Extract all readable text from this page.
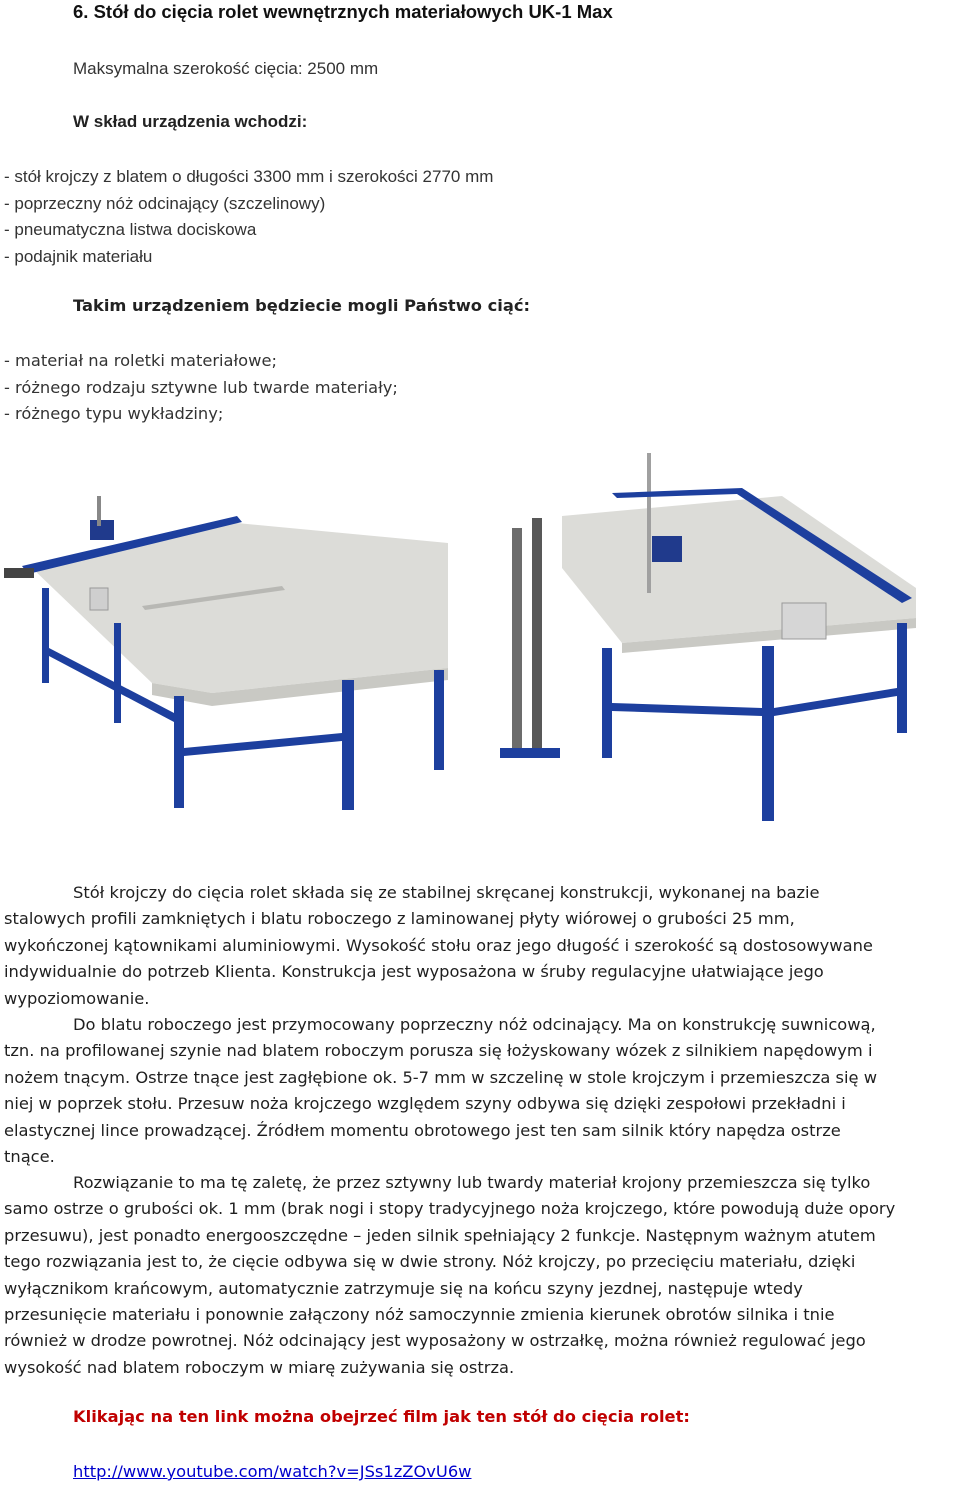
6. Stół do cięcia rolet wewnętrznych materiałowych UK-1 Max
Maksymalna szerokość cięcia: 2500 mm
W skład urządzenia wchodzi:
- stół krojczy z blatem o długości 3300 mm i szerokości 2770 mm
- poprzeczny nóż odcinający (szczelinowy)
- pneumatyczna listwa dociskowa
- podajnik materiału
Takim urządzeniem będziecie mogli Państwo ciąć:
- materiał na roletki materiałowe;
- różnego rodzaju sztywne lub twarde materiały;
- różnego typu wykładziny;
Stół krojczy do cięcia rolet składa się ze stabilnej skręcanej konstrukcji, wykonanej na bazie
stalowych profili zamkniętych i blatu roboczego z laminowanej płyty wiórowej o grubości 25 mm,
wykończonej kątownikami aluminiowymi. Wysokość stołu oraz jego długość i szerokość są dostosowywane
indywidualnie do potrzeb Klienta. Konstrukcja jest wyposażona w śruby regulacyjne ułatwiające jego
wypoziomowanie.
Do blatu roboczego jest przymocowany poprzeczny nóż odcinający. Ma on konstrukcję suwnicową,
tzn. na profilowanej szynie nad blatem roboczym porusza się łożyskowany wózek z silnikiem napędowym i
nożem tnącym. Ostrze tnące jest zagłębione ok. 5-7 mm w szczelinę w stole krojczym i przemieszcza się w
niej w poprzek stołu. Przesuw noża krojczego względem szyny odbywa się dzięki zespołowi przekładni i
elastycznej lince prowadzącej. Źródłem momentu obrotowego jest ten sam silnik który napędza ostrze
tnące.
Rozwiązanie to ma tę zaletę, że przez sztywny lub twardy materiał krojony przemieszcza się tylko
samo ostrze o grubości ok. 1 mm (brak nogi i stopy tradycyjnego noża krojczego, które powodują duże opory
przesuwu), jest ponadto energooszczędne – jeden silnik spełniający 2 funkcje. Następnym ważnym atutem
tego rozwiązania jest to, że cięcie odbywa się w dwie strony. Nóż krojczy, po przecięciu materiału, dzięki
wyłącznikom krańcowym, automatycznie zatrzymuje się na końcu szyny jezdnej, następuje wtedy
przesunięcie materiału i ponownie załączony nóż samoczynnie zmienia kierunek obrotów silnika i tnie
również w drodze powrotnej. Nóż odcinający jest wyposażony w ostrzałkę, można również regulować jego
wysokość nad blatem roboczym w miarę zużywania się ostrza.
Klikając na ten link można obejrzeć film jak ten stół do cięcia rolet:
http://www.youtube.com/watch?v=JSs1zZOvU6w
